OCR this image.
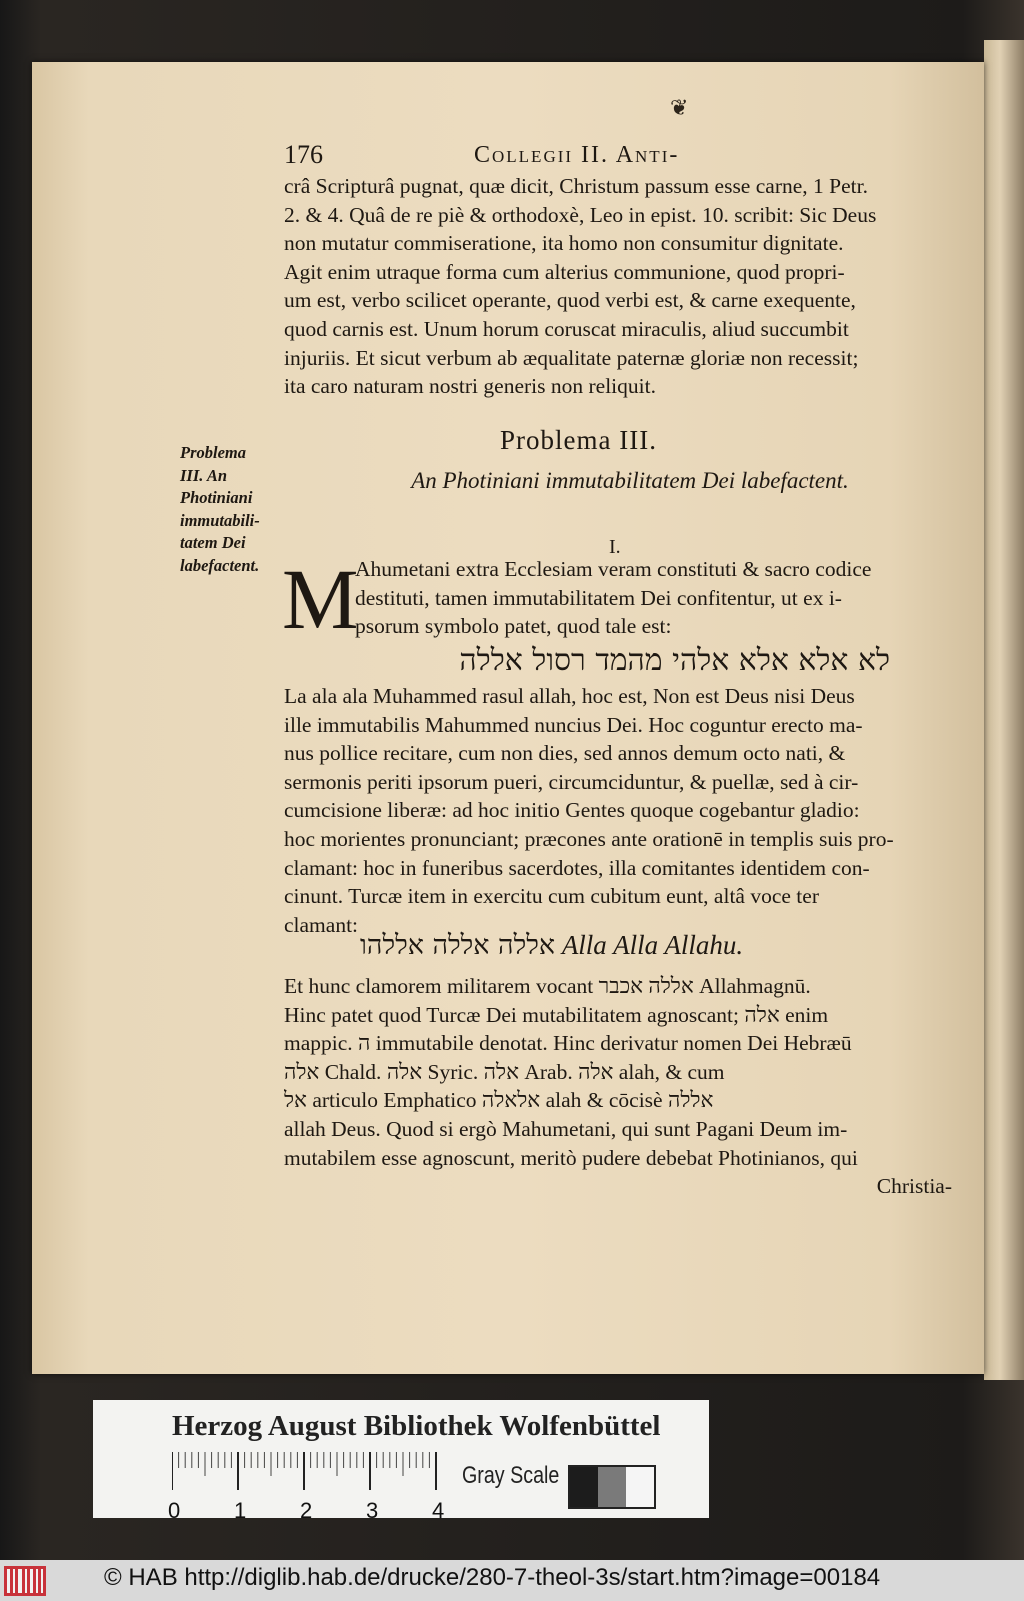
❦
176	Collegii II. Anti-
crâ Scripturâ pugnat, quæ dicit, Christum passum esse carne, 1 Petr.
2. & 4. Quâ de re piè & orthodoxè, Leo in epist. 10. scribit: Sic Deus
non mutatur commiseratione, ita homo non consumitur dignitate.
Agit enim utraque forma cum alterius communione, quod propri-
um est, verbo scilicet operante, quod verbi est, & carne exequente,
quod carnis est. Unum horum coruscat miraculis, aliud succumbit
injuriis. Et sicut verbum ab æqualitate paternæ gloriæ non recessit;
ita caro naturam nostri generis non reliquit.
Problema
III. An
Photiniani
immutabili-
tatem Dei
labefactent.
Problema III.
An Photiniani immutabilitatem Dei labefactent.
I.
M
Ahumetani extra Ecclesiam veram constituti & sacro codice
destituti, tamen immutabilitatem Dei confitentur, ut ex i-
psorum symbolo patet, quod tale est:
לא אלא אלא אלהי מהמד רסול אללה
La ala ala Muhammed rasul allah, hoc est, Non est Deus nisi Deus
ille immutabilis Mahummed nuncius Dei. Hoc coguntur erecto ma-
nus pollice recitare, cum non dies, sed annos demum octo nati, &
sermonis periti ipsorum pueri, circumciduntur, & puellæ, sed à cir-
cumcisione liberæ: ad hoc initio Gentes quoque cogebantur gladio:
hoc morientes pronunciant; præcones ante orationē in templis suis pro-
clamant: hoc in funeribus sacerdotes, illa comitantes identidem con-
cinunt. Turcæ item in exercitu cum cubitum eunt, altâ voce ter
clamant:
אללה אללה אללהו Alla Alla Allahu.
Et hunc clamorem militarem vocant אללה אכבר Allahmagnū.
Hinc patet quod Turcæ Dei mutabilitatem agnoscant; אלה enim
mappic. ה immutabile denotat. Hinc derivatur nomen Dei Hebræū
אלה Chald. אלה Syric. אלה Arab. אלה alah, & cum
אל articulo Emphatico אלאלה alah & cōcisè אללה
allah Deus. Quod si ergò Mahumetani, qui sunt Pagani Deum im-
mutabilem esse agnoscunt, meritò pudere debebat Photinianos, qui
Christia-
Herzog August Bibliothek Wolfenbüttel
0 1 2 3 4
Gray Scale
© HAB http://diglib.hab.de/drucke/280-7-theol-3s/start.htm?image=00184
